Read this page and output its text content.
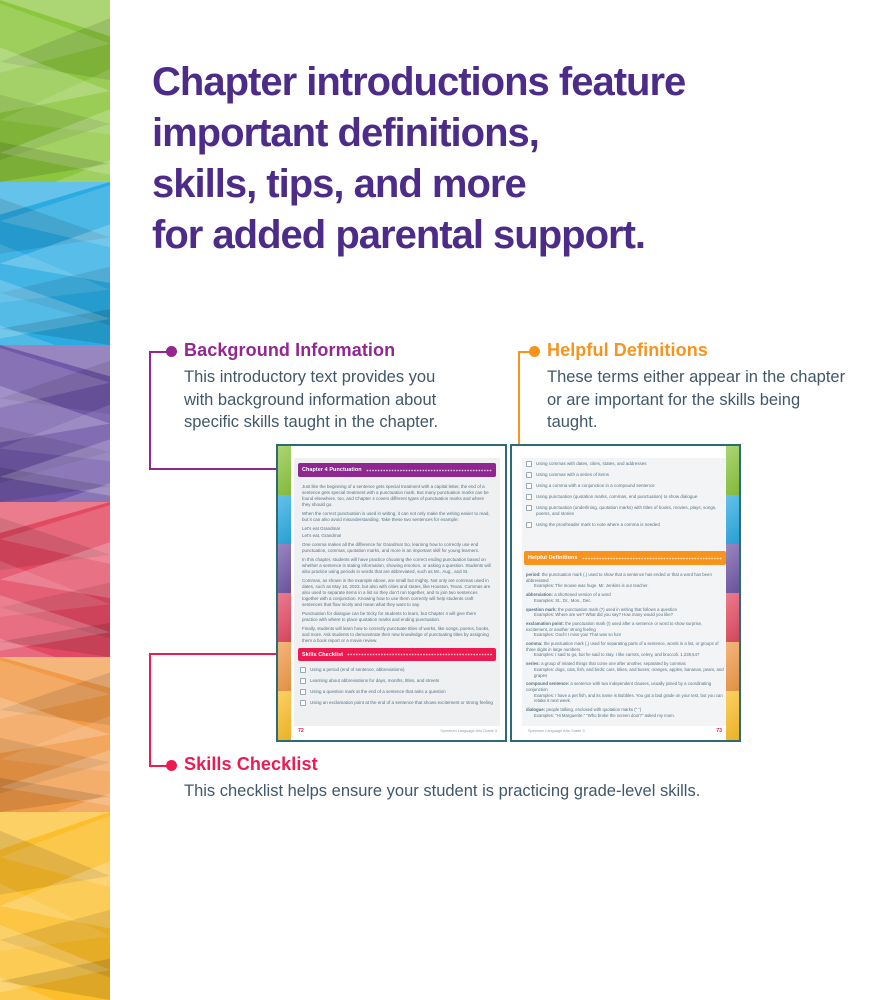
Chapter introductions feature
important definitions,
skills, tips, and more
for added parental support.
Background Information
This introductory text provides you with background information about specific skills taught in the chapter.
Helpful Definitions
These terms either appear in the chapter or are important for the skills being taught.
Skills Checklist
This checklist helps ensure your student is practicing grade-level skills.
Chapter 4 Punctuation

Just like the beginning of a sentence gets special treatment with a capital letter, the end of a sentence gets special treatment with a punctuation mark. But many punctuation marks can be found elsewhere, too, and Chapter 4 covers different types of punctuation marks and where they should go.

When the correct punctuation is used in writing, it can not only make the writing easier to read, but it can also avoid misunderstanding. Take these two sentences for example:

Let's eat Grandma!
Let's eat, Grandma!

One comma makes all the difference for Grandma! So, learning how to correctly use end punctuation, commas, quotation marks, and more is an important skill for young learners.

In this chapter, students will have practice choosing the correct ending punctuation based on whether a sentence is stating information, showing emotion, or asking a question. Students will also practice using periods in words that are abbreviated, such as Mr., Aug., and St.

Commas, as shown in the example above, are small but mighty. Not only are commas used in dates, such as May 16, 2023, but also with cities and states, like Houston, Texas. Commas are also used to separate items in a list so they don't run together, and to join two sentences together with a conjunction. Knowing how to use them correctly will help students craft sentences that flow nicely and mean what they want to say.

Punctuation for dialogue can be tricky for students to learn, but Chapter 4 will give them practice with where to place quotation marks and ending punctuation.

Finally, students will learn how to correctly punctuate titles of works, like songs, poems, books, and more. Ask students to demonstrate their new knowledge of punctuating titles by assigning them a book report or a movie review.

Skills Checklist
Using a period (end of sentence, abbreviations)
Learning about abbreviations for days, months, titles, and streets
Using a question mark at the end of a sentence that asks a question
Using an exclamation point at the end of a sentence that shows excitement or strong feeling
72	Spectrum Language Arts Grade 3
Using commas with dates, cities, states, and addresses
Using commas with a series of items
Using a comma with a conjunction in a compound sentence
Using punctuation (quotation marks, commas, end punctuation) to show dialogue
Using punctuation (underlining, quotation marks) with titles of books, movies, plays, songs, poems, and stories
Using the proofreader mark to note where a comma is needed
Helpful Definitions
period: the punctuation mark (.) used to show that a sentence has ended or that a word has been abbreviated
Examples: The mouse was huge. Mr. Jenkins is our teacher.
abbreviation: a shortened version of a word
Examples: St., Dr., Mon., Dec.
question mark: the punctuation mark (?) used in writing that follows a question
Examples: Where are we? What did you say? How many would you like?
exclamation point: the punctuation mark (!) used after a sentence or word to show surprise, excitement, or another strong feeling
Examples: Ouch! I miss you! That was so fun!
comma: the punctuation mark (,) used for separating parts of a sentence, words in a list, or groups of three digits in large numbers
Examples: I said to go, but he said to stay. I like carrots, celery, and broccoli. 1,239,547
series: a group of related things that come one after another, separated by commas
Examples: dogs, cats, fish, and birds; cars, bikes, and buses; oranges, apples, bananas, pears, and grapes
compound sentence: a sentence with two independent clauses, usually joined by a coordinating conjunction
Examples: I have a pet fish, and its name is Bubbles. You got a bad grade on your test, but you can retake it next week.
dialogue: people talking, enclosed with quotation marks (“ ”)
Examples: “Hi Marguerite.” “Who broke the screen door?” asked my mom.
Spectrum Language Arts Grade 3	73
